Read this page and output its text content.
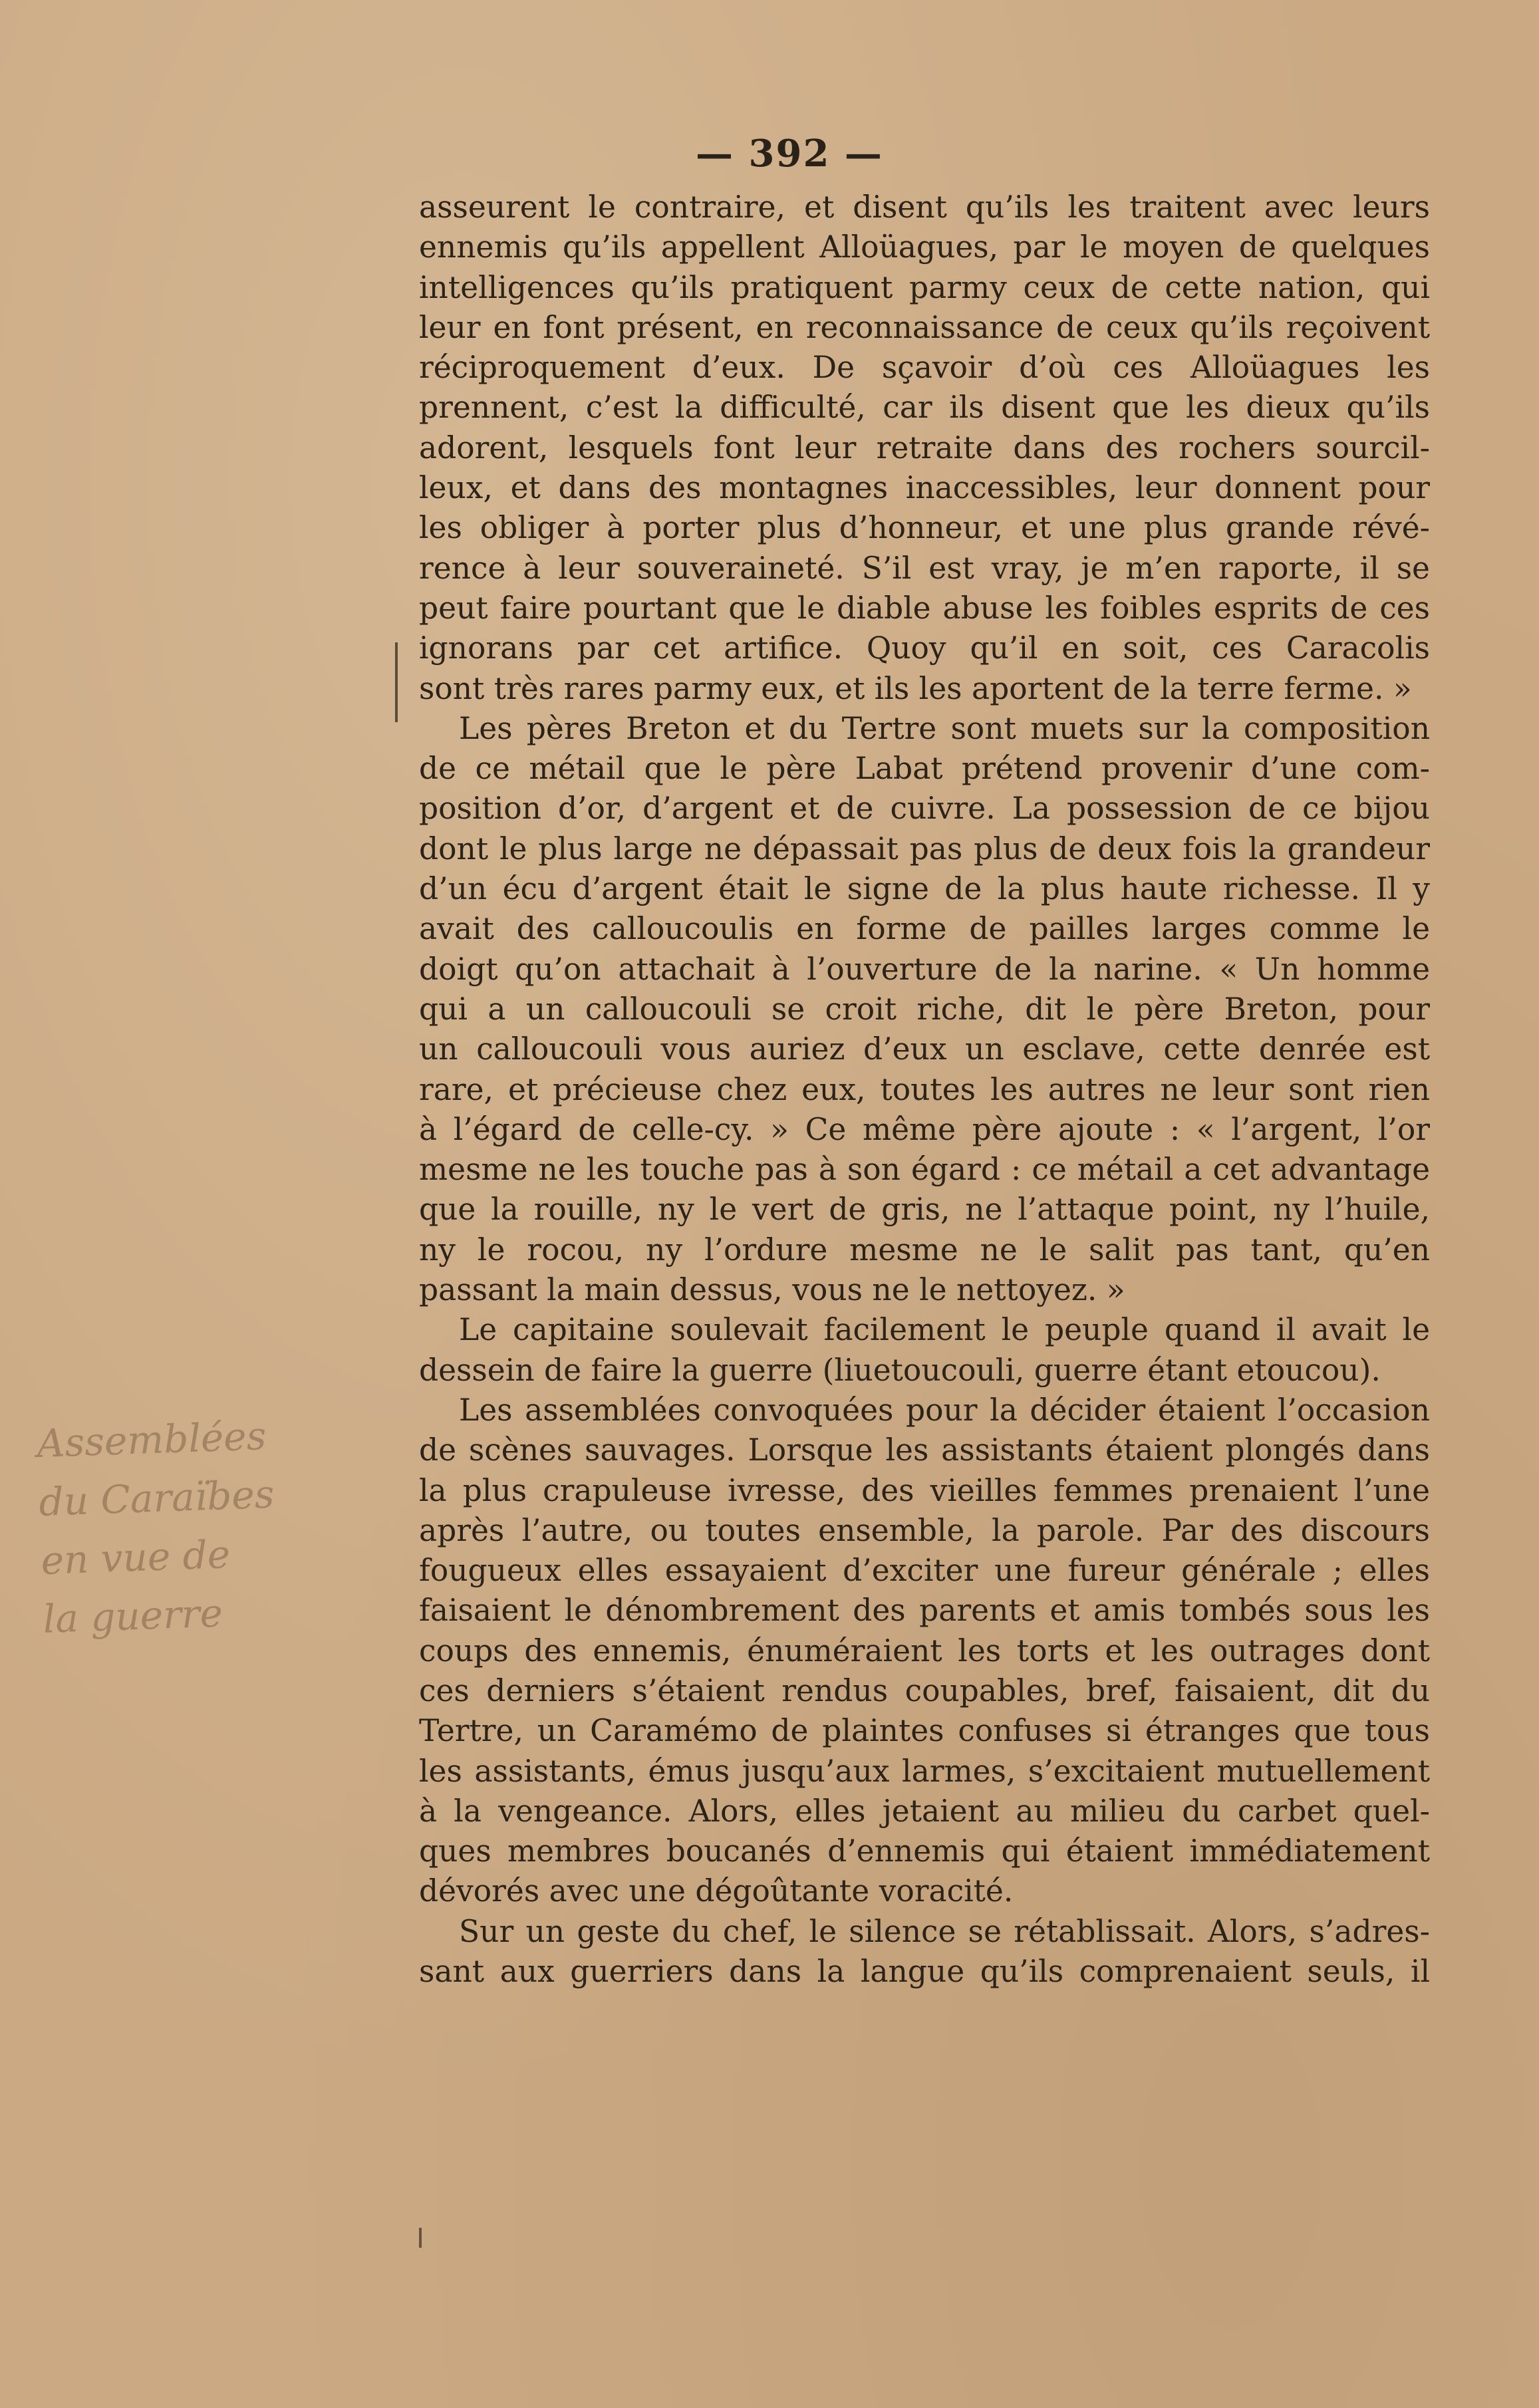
— 392 —
Assemblées
du Caraïbes
en vue de
la guerre
asseurent le contraire, et disent qu’ils les traitent avec leurs
ennemis qu’ils appellent Alloüagues, par le moyen de quelques
intelligences qu’ils pratiquent parmy ceux de cette nation, qui
leur en font présent, en reconnaissance de ceux qu’ils reçoivent
réciproquement d’eux. De sçavoir d’où ces Alloüagues les
prennent, c’est la difficulté, car ils disent que les dieux qu’ils
adorent, lesquels font leur retraite dans des rochers sourcil-
leux, et dans des montagnes inaccessibles, leur donnent pour
les obliger à porter plus d’honneur, et une plus grande révé-
rence à leur souveraineté. S’il est vray, je m’en raporte, il se
peut faire pourtant que le diable abuse les foibles esprits de ces
ignorans par cet artifice. Quoy qu’il en soit, ces Caracolis
sont très rares parmy eux, et ils les aportent de la terre ferme. »
Les pères Breton et du Tertre sont muets sur la composition
de ce métail que le père Labat prétend provenir d’une com-
position d’or, d’argent et de cuivre. La possession de ce bijou
dont le plus large ne dépassait pas plus de deux fois la grandeur
d’un écu d’argent était le signe de la plus haute richesse. Il y
avait des calloucoulis en forme de pailles larges comme le
doigt qu’on attachait à l’ouverture de la narine. « Un homme
qui a un calloucouli se croit riche, dit le père Breton, pour
un calloucouli vous auriez d’eux un esclave, cette denrée est
rare, et précieuse chez eux, toutes les autres ne leur sont rien
à l’égard de celle-cy. » Ce même père ajoute : « l’argent, l’or
mesme ne les touche pas à son égard : ce métail a cet advantage
que la rouille, ny le vert de gris, ne l’attaque point, ny l’huile,
ny le rocou, ny l’ordure mesme ne le salit pas tant, qu’en
passant la main dessus, vous ne le nettoyez. »
Le capitaine soulevait facilement le peuple quand il avait le
dessein de faire la guerre (liuetoucouli, guerre étant etoucou).
Les assemblées convoquées pour la décider étaient l’occasion
de scènes sauvages. Lorsque les assistants étaient plongés dans
la plus crapuleuse ivresse, des vieilles femmes prenaient l’une
après l’autre, ou toutes ensemble, la parole. Par des discours
fougueux elles essayaient d’exciter une fureur générale ; elles
faisaient le dénombrement des parents et amis tombés sous les
coups des ennemis, énuméraient les torts et les outrages dont
ces derniers s’étaient rendus coupables, bref, faisaient, dit du
Tertre, un Caramémo de plaintes confuses si étranges que tous
les assistants, émus jusqu’aux larmes, s’excitaient mutuellement
à la vengeance. Alors, elles jetaient au milieu du carbet quel-
ques membres boucanés d’ennemis qui étaient immédiatement
dévorés avec une dégoûtante voracité.
Sur un geste du chef, le silence se rétablissait. Alors, s’adres-
sant aux guerriers dans la langue qu’ils comprenaient seuls, il
